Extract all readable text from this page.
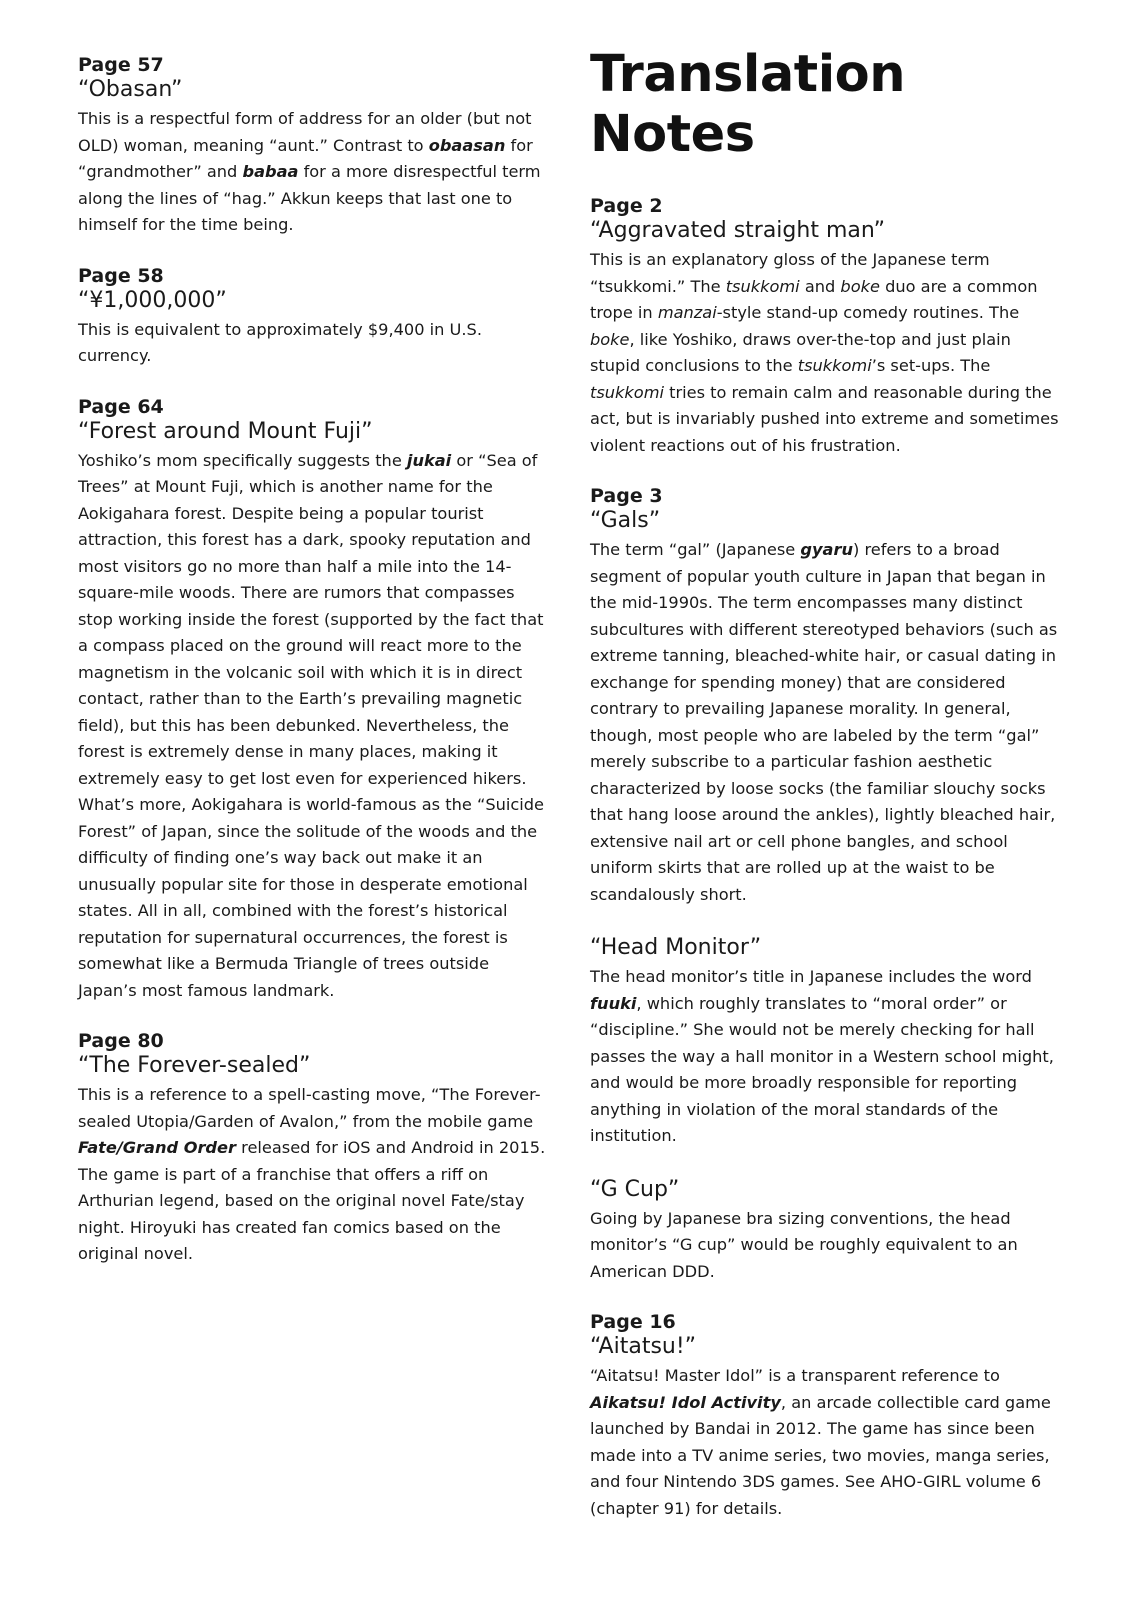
Page 57
“Obasan”

This is a respectful form of address for an older (but not OLD) woman, meaning “aunt.” Contrast to obaasan for “grandmother” and babaa for a more disrespectful term along the lines of “hag.” Akkun keeps that last one to himself for the time being.

Page 58
“¥1,000,000”

This is equivalent to approximately $9,400 in U.S. currency.

Page 64
“Forest around Mount Fuji”

Yoshiko’s mom specifically suggests the jukai or “Sea of Trees” at Mount Fuji, which is another name for the Aokigahara forest. Despite being a popular tourist attraction, this forest has a dark, spooky reputation and most visitors go no more than half a mile into the 14-square-mile woods. There are rumors that compasses stop working inside the forest (supported by the fact that a compass placed on the ground will react more to the magnetism in the volcanic soil with which it is in direct contact, rather than to the Earth’s prevailing magnetic field), but this has been debunked. Nevertheless, the forest is extremely dense in many places, making it extremely easy to get lost even for experienced hikers. What’s more, Aokigahara is world-famous as the “Suicide Forest” of Japan, since the solitude of the woods and the difficulty of finding one’s way back out make it an unusually popular site for those in desperate emotional states. All in all, combined with the forest’s historical reputation for supernatural occurrences, the forest is somewhat like a Bermuda Triangle of trees outside Japan’s most famous landmark.

Page 80
“The Forever-sealed”

This is a reference to a spell-casting move, “The Forever-sealed Utopia/Garden of Avalon,” from the mobile game Fate/Grand Order released for iOS and Android in 2015. The game is part of a franchise that offers a riff on Arthurian legend, based on the original novel Fate/stay night. Hiroyuki has created fan comics based on the original novel.

Translation Notes
Page 2
“Aggravated straight man”

This is an explanatory gloss of the Japanese term “tsukkomi.” The tsukkomi and boke duo are a common trope in manzai-style stand-up comedy routines. The boke, like Yoshiko, draws over-the-top and just plain stupid conclusions to the tsukkomi’s set-ups. The tsukkomi tries to remain calm and reasonable during the act, but is invariably pushed into extreme and sometimes violent reactions out of his frustration.

Page 3
“Gals”

The term “gal” (Japanese gyaru) refers to a broad segment of popular youth culture in Japan that began in the mid-1990s. The term encompasses many distinct subcultures with different stereotyped behaviors (such as extreme tanning, bleached-white hair, or casual dating in exchange for spending money) that are considered contrary to prevailing Japanese morality. In general, though, most people who are labeled by the term “gal” merely subscribe to a particular fashion aesthetic characterized by loose socks (the familiar slouchy socks that hang loose around the ankles), lightly bleached hair, extensive nail art or cell phone bangles, and school uniform skirts that are rolled up at the waist to be scandalously short.

“Head Monitor”

The head monitor’s title in Japanese includes the word fuuki, which roughly translates to “moral order” or “discipline.” She would not be merely checking for hall passes the way a hall monitor in a Western school might, and would be more broadly responsible for reporting anything in violation of the moral standards of the institution.

“G Cup”

Going by Japanese bra sizing conventions, the head monitor’s “G cup” would be roughly equivalent to an American DDD.

Page 16
“Aitatsu!”

“Aitatsu! Master Idol” is a transparent reference to Aikatsu! Idol Activity, an arcade collectible card game launched by Bandai in 2012. The game has since been made into a TV anime series, two movies, manga series, and four Nintendo 3DS games. See AHO-GIRL volume 6 (chapter 91) for details.
